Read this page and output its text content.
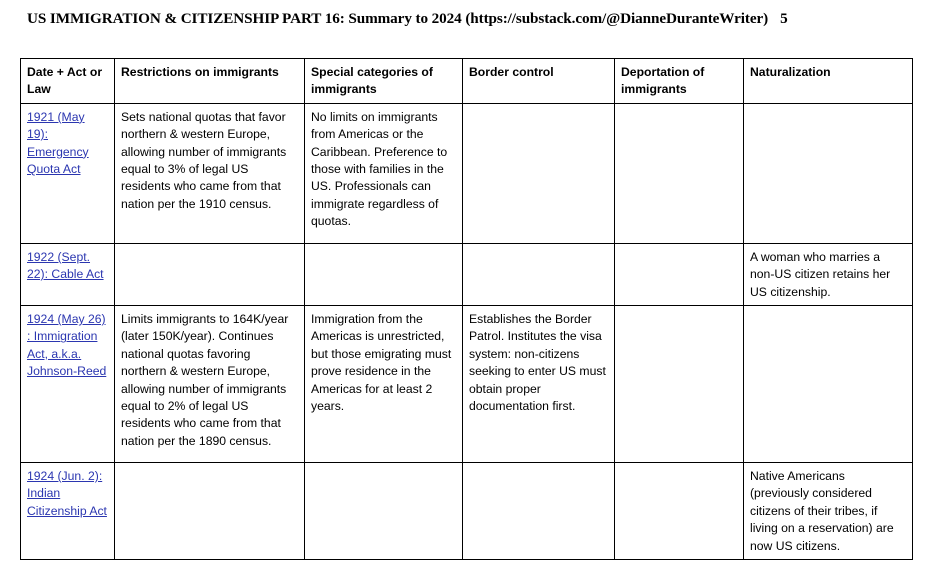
US IMMIGRATION & CITIZENSHIP PART 16: Summary to 2024 (https://substack.com/@DianneDuranteWriter) 5
Date + Act or Law	Restrictions on immigrants	Special categories of immigrants	Border control	Deportation of immigrants	Naturalization
1921 (May 19): Emergency Quota Act	Sets national quotas that favor northern & western Europe, allowing number of immigrants equal to 3% of legal US residents who came from that nation per the 1910 census.	No limits on immigrants from Americas or the Caribbean. Preference to those with families in the US. Professionals can immigrate regardless of quotas.			

1922 (Sept. 22): Cable Act					A woman who marries a non-US citizen retains her US citizenship.

1924 (May 26) : Immigration Act, a.k.a. Johnson-Reed	Limits immigrants to 164K/year (later 150K/year). Continues national quotas favoring northern & western Europe, allowing number of immigrants equal to 2% of legal US residents who came from that nation per the 1890 census.	Immigration from the Americas is unrestricted, but those emigrating must prove residence in the Americas for at least 2 years.	Establishes the Border Patrol. Institutes the visa system: non-citizens seeking to enter US must obtain proper documentation first.		

1924 (Jun. 2): Indian Citizenship Act					Native Americans (previously considered citizens of their tribes, if living on a reservation) are now US citizens.
